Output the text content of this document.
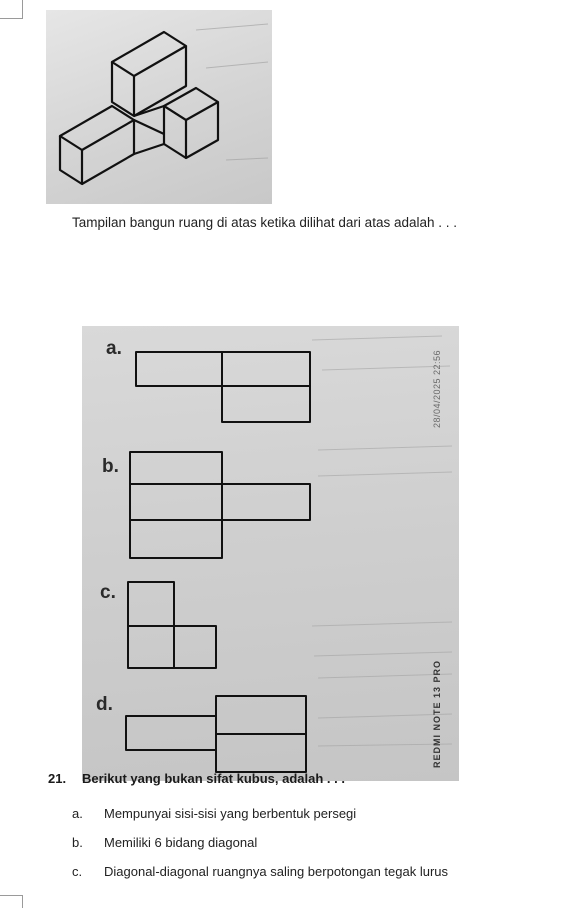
Tampilan bangun ruang di atas ketika dilihat dari atas adalah . . .
a.
b.
c.
d.
28/04/2025 22:56
REDMI NOTE 13 PRO
21. Berikut yang bukan sifat kubus, adalah . . .
a. Mempunyai sisi-sisi yang berbentuk persegi
b. Memiliki 6 bidang diagonal
c. Diagonal-diagonal ruangnya saling berpotongan tegak lurus
